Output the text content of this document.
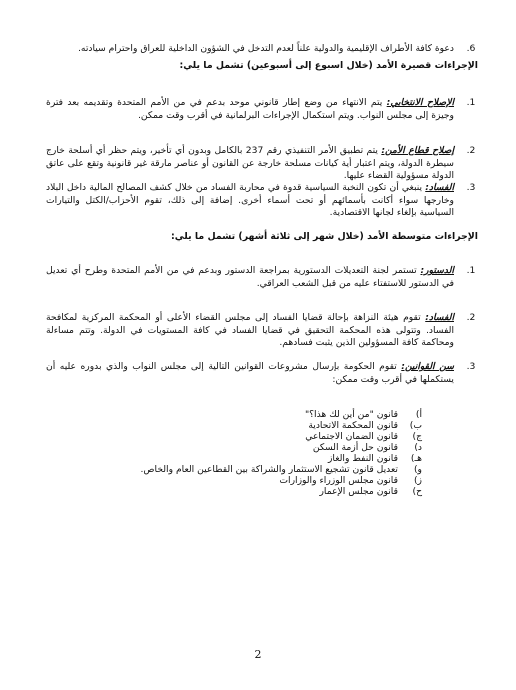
6.
دعوة كافة الأطراف الإقليمية والدولية علناً لعدم التدخل في الشؤون الداخلية للعراق واحترام سيادته.
الإجراءات قصيرة الأمد (خلال اسبوع إلى أسبوعين) تشمل ما يلي:
1.
الإصلاح الانتخابي: يتم الانتهاء من وضع إطار قانوني موحد بدعم في من الأمم المتحدة وتقديمه بعد فترة وجيزة إلى مجلس النواب. ويتم استكمال الإجراءات البرلمانية في أقرب وقت ممكن.
2.
إصلاح قطاع الأمن: يتم تطبيق الأمر التنفيذي رقم 237 بالكامل وبدون أي تأخير، ويتم حظر أي أسلحة خارج سيطرة الدولة، ويتم اعتبار أية كيانات مسلحة خارجة عن القانون أو عناصر مارقة غير قانونية وتقع على عاتق الدولة مسؤولية القضاء عليها.
3.
الفساد: ينبغي أن تكون النخبة السياسية قدوة في محاربة الفساد من خلال كشف المصالح المالية داخل البلاد وخارجها سواء أكانت بأسمائهم أو تحت أسماء أخرى. إضافة إلى ذلك، تقوم الأحزاب/الكتل والتيارات السياسية بإلغاء لجانها الاقتصادية.
الإجراءات متوسطة الأمد (خلال شهر إلى ثلاثة أشهر) تشمل ما يلي:
1.
الدستور: تستمر لجنة التعديلات الدستورية بمراجعة الدستور وبدعم في من الأمم المتحدة وطرح أي تعديل في الدستور للاستفتاء عليه من قبل الشعب العراقي.
2.
الفساد: تقوم هيئة النزاهة بإحالة قضايا الفساد إلى مجلس القضاء الأعلى أو المحكمة المركزية لمكافحة الفساد. وتتولى هذه المحكمة التحقيق في قضايا الفساد في كافة المستويات في الدولة. وتتم مساءلة ومحاكمة كافة المسؤولين الذين يثبت فسادهم.
3.
سن القوانين: تقوم الحكومة بإرسال مشروعات القوانين التالية إلى مجلس النواب والذي بدوره عليه أن يستكملها في أقرب وقت ممكن:
أ)
قانون "من أين لك هذا؟"
ب)
قانون المحكمة الاتحادية
ج)
قانون الضمان الاجتماعي
د)
قانون حل أزمة السكن
هـ)
قانون النفط والغاز
و)
تعديل قانون تشجيع الاستثمار والشراكة بين القطاعين العام والخاص.
ز)
قانون مجلس الوزراء والوزارات
ح)
قانون مجلس الإعمار
2
